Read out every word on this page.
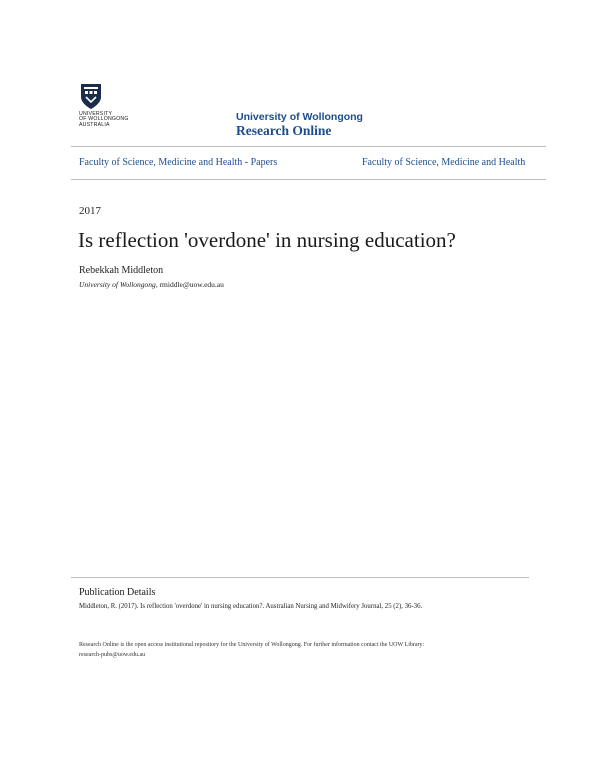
UNIVERSITY
OF WOLLONGONG
AUSTRALIA
University of Wollongong
Research Online
Faculty of Science, Medicine and Health - Papers	Faculty of Science, Medicine and Health
2017
Is reflection 'overdone' in nursing education?
Rebekkah Middleton
University of Wollongong, rmiddle@uow.edu.au
Publication Details
Middleton, R. (2017). Is reflection 'overdone' in nursing education?. Australian Nursing and Midwifery Journal, 25 (2), 36-36.
Research Online is the open access institutional repository for the University of Wollongong. For further information contact the UOW Library:
research-pubs@uow.edu.au
